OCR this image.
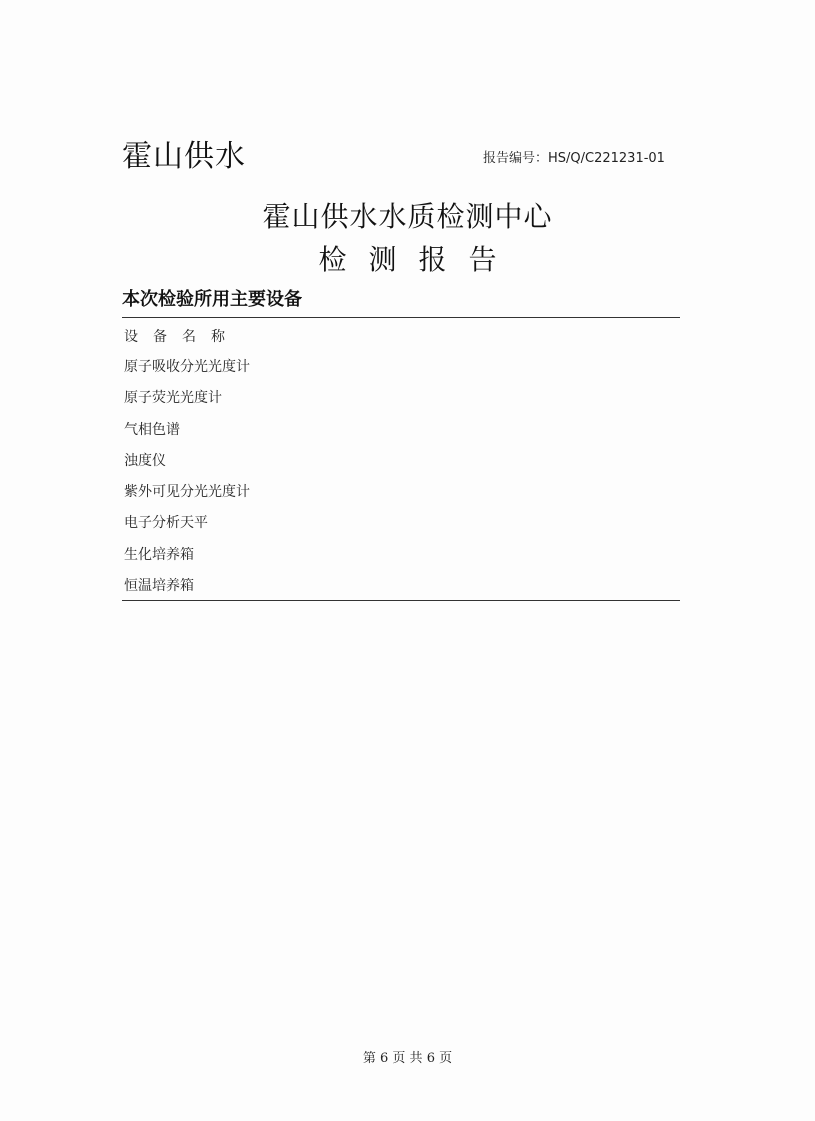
霍山供水	报告编号：HS/Q/C221231-01
霍山供水水质检测中心
检测报告
本次检验所用主要设备
设备名称
原子吸收分光光度计
原子荧光光度计
气相色谱
浊度仪
紫外可见分光光度计
电子分析天平
生化培养箱
恒温培养箱
第 6 页 共 6 页
